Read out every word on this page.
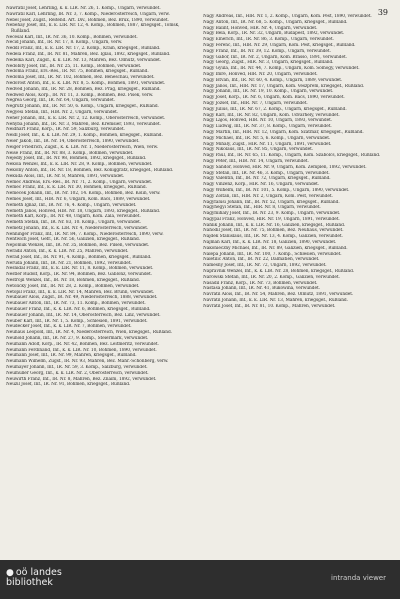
39

Nawratil Josef, Lehrling, k. k. LIR. Nr. 26, 1. Komp., Ungarn, verwundet.

Nawratil Karl, Lehrling, IR. Nr. 3, 7. Komp., Niederösterreich, Ungarn, verw.

Nebel Josef, Zugsf., Reitend. Art. Div., Böhmen, Bez. Brüx, 1890, verwundet.

Nebehay Josef, Inf., k. k. LIR. Nr. 12, 4. Komp., Böhmen, 1887, kriegsgef., Tomsk, Rußland.

Necesal Karl, Inf., IR. Nr. 36, 10. Komp., Böhmen, verwundet.

Necid Johann, Inf., IR. Nr. 17, 8. Komp., Ungarn, verw.

Neddl Franz, Inf., k. k. LIR. Nr. 17, 2. Komp., Krain, kriegsgef., Rußland.

Nedela Franz, Inf., IR. Nr. 81, Mähren, Bez. Iglau, 1892, kriegsgef., Rußland.

Nedelka Karl, Zugsf., k. k. LIR. Nr. 13, Mähren, Bez. Olmütz, verwundet.

Nedobitý Josef, Inf., IR. Nr. 25, 11. Komp., Böhmen, verwundet.

Nedoma Franz, Ers.-Res., IR. Nr. 75, Böhmen, kriegsgef., Rußland.

Nedoma Josef, Inf., IR. Nr. 102, Böhmen, Bez. Beneschau, verwundet.

Nedorost Anton, Inf., k. k. LIR. Nr. 8, 5. Komp., Böhmen, 1891, verwundet.

Nedvěd Johann, Inf., IR. Nr. 28, Böhmen, Bez. Prag, kriegsgef., Rußland.

Nedwed Alois, Korp., IR. Nr. 11, 3. Komp., Böhmen, Bez. Pisek, verw.

Negrea Georg, Inf., IR. Nr. 64, Ungarn, verwundet.

Negrutz Johann, Inf., IR. Nr. 50, 6. Komp., Ungarn, kriegsgef., Rußland.

Negyesi Stefan, Inf., HIR. Nr. 2, Ungarn, verwundet.

Neher Johann, Inf., k. k. LIR. Nr. 2, 12. Komp., Oberösterreich, verwundet.

Nehyba Johann, Inf., IR. Nr. 3, Mähren, Bez. Kremsier, 1893, verwundet.

Neidhart Franz, Korp., IR. Nr. 59, Salzburg, verwundet.

Neidl Josef, Inf., k. k. LIR. Nr. 29, 1. Komp., Böhmen, kriegsgef., Rußland.

Neier Jakob, Inf., IR. Nr. 14, Oberösterreich, 1890, verwundet.

Neiger Friedrich, Zugsf., k. k. LIR. Nr. 1, Niederösterreich, Wien, verw.

Neise Franz, Inf., IR. Nr. 88, 3. Komp., Böhmen, verwundet.

Nejedlý Josef, Inf., IR. Nr. 98, Böhmen, 1892, kriegsgef., Rußland.

Nekola Wenzel, Inf., k. k. LIR. Nr. 28, 9. Komp., Böhmen, verwundet.

Nekolný Anton, Inf., IR. Nr. 18, Böhmen, Bez. Königgrätz, kriegsgef., Rußland.

Nekuda Alois, Inf., IR. Nr. 8, Mähren, 1891, verwundet.

Nemec Andreas, Ers.-Res., IR. Nr. 71, 2. Komp., Ungarn, verwundet.

Nemec Franz, Inf., k. k. LIR. Nr. 30, Böhmen, kriegsgef., Rußland.

Nemecek Johann, Inf., IR. Nr. 102, 14. Komp., Böhmen, Bez. Kolin, verw.

Nemes Josef, Inf., HIR. Nr. 6, Ungarn, Kom. Bács, 1889, verwundet.

Nemeth Ignaz, Inf., IR. Nr. 76, 4. Komp., Ungarn, verwundet.

Nemeth János, Honvéd, HIR. Nr. 18, Ungarn, 1893, kriegsgef., Rußland.

Nemeth Karl, Korp., IR. Nr. 48, Ungarn, Kom. Zala, verwundet.

Nemeth Stefan, Inf., IR. Nr. 83, 10. Komp., Ungarn, verwundet.

Nemetz Johann, Inf., k. k. LIR. Nr. 4, Niederösterreich, verwundet.

Nenninger Franz, Inf., IR. Nr. 84, 7. Komp., Niederösterreich, 1890, verw.

Nentwich Josef, Gefr., IR. Nr. 56, Galizien, kriegsgef., Rußland.

Nepomuk Wenzel, Inf., IR. Nr. 35, Böhmen, Bez. Pilsen, verwundet.

Neradil Anton, Inf., k. k. LIR. Nr. 25, Mähren, verwundet.

Nerad Josef, Inf., IR. Nr. 91, 4. Komp., Böhmen, kriegsgef., Rußland.

Neruda Johann, Inf., IR. Nr. 21, Böhmen, 1892, verwundet.

Nesnídal Franz, Inf., k. k. LIR. Nr. 11, 8. Komp., Böhmen, verwundet.

Nestler Rudolf, Korp., IR. Nr. 94, Böhmen, Bez. Gablonz, verwundet.

Nestrojil Wenzel, Inf., IR. Nr. 18, Böhmen, kriegsgef., Rußland.

Netolický Josef, Inf., IR. Nr. 28, 2. Komp., Böhmen, verwundet.

Netopil Franz, Inf., k. k. LIR. Nr. 14, Mähren, Bez. Brünn, verwundet.

Neubauer Alois, Zugsf., IR. Nr. 49, Niederösterreich, 1888, verwundet.

Neubauer Anton, Inf., IR. Nr. 73, 11. Komp., Böhmen, verwundet.

Neubauer Franz, Inf., k. k. LIR. Nr. 6, Böhmen, kriegsgef., Rußland.

Neubauer Johann, Inf., IR. Nr. 14, Oberösterreich, Bez. Linz, verwundet.

Neuber Karl, Inf., IR. Nr. 1, 5. Komp., Schlesien, 1891, verwundet.

Neudecker Josef, Inf., k. k. LIR. Nr. 7, Böhmen, verwundet.

Neuhaus Leopold, Inf., IR. Nr. 4, Niederösterreich, Wien, kriegsgef., Rußland.

Neuhold Johann, Inf., IR. Nr. 27, 9. Komp., Steiermark, verwundet.

Neumann Adolf, Korp., IR. Nr. 42, Böhmen, Bez. Leitmeritz, verwundet.

Neumann Ferdinand, Inf., k. k. LIR. Nr. 10, Böhmen, 1890, verwundet.

Neumann Josef, Inf., IR. Nr. 99, Mähren, kriegsgef., Rußland.

Neumann Wilhelm, Zugsf., IR. Nr. 93, Mähren, Bez. Mähr.-Schönberg, verw.

Neumayer Johann, Inf., IR. Nr. 59, 3. Komp., Salzburg, verwundet.

Neumüller Georg, Inf., k. k. LIR. Nr. 2, Oberösterreich, verwundet.

Neuwirth Franz, Inf., IR. Nr. 8, Mähren, Bez. Znaim, 1892, verwundet.

Neužil Josef, Inf., IR. Nr. 91, Böhmen, kriegsgef., Rußland.

Nagy Andreas, Inf., HIR. Nr. 1, 2. Komp., Ungarn, Kom. Pest, 1890, verwundet.

Nagy Anton, Inf., IR. Nr. 68, 5. Komp., Ungarn, kriegsgef., Rußland.

Nagy Balint, Honvéd, HIR. Nr. 4, Ungarn, verwundet.

Nagy Bela, Korp., IR. Nr. 32, Ungarn, Budapest, 1892, verwundet.

Nagy Emerich, Inf., IR. Nr. 86, 3. Komp., Ungarn, verwundet.

Nagy Ferenc, Inf., HIR. Nr. 29, Ungarn, Kom. Pest, kriegsgef., Rußland.

Nagy Franz, Inf., IR. Nr. 39, 12. Komp., Ungarn, verwundet.

Nagy Gabor, Inf., IR. Nr. 2, Ungarn, Kom. Brassó, 1891, verwundet.

Nagy Georg, Zugsf., HIR. Nr. 3, Ungarn, kriegsgef., Rußland.

Nagy Gyula, Inf., IR. Nr. 44, 7. Komp., Ungarn, Kom. Somogy, verwundet.

Nagy Imre, Honvéd, HIR. Nr. 20, Ungarn, verwundet.

Nagy István, Inf., IR. Nr. 60, 4. Komp., Ungarn, 1889, verwundet.

Nagy János, Inf., HIR. Nr. 17, Ungarn, Kom. Veszprém, kriegsgef., Rußland.

Nagy Johann, Inf., IR. Nr. 19, 10. Komp., Ungarn, verwundet.

Nagy Josef, Korp., IR. Nr. 6, Ungarn, Kom. Bács, 1890, verwundet.

Nagy József, Inf., HIR. Nr. 7, Ungarn, verwundet.

Nagy Julius, Inf., IR. Nr. 67, 2. Komp., Ungarn, kriegsgef., Rußland.

Nagy Karl, Inf., IR. Nr. 82, Ungarn, Kom. Udvarhely, verwundet.

Nagy Lajos, Honvéd, HIR. Nr. 10, Ungarn, 1893, verwundet.

Nagy Ludwig, Inf., IR. Nr. 37, 8. Komp., Ungarn, verwundet.

Nagy Martin, Inf., HIR. Nr. 12, Ungarn, Kom. Szatmár, kriegsgef., Rußland.

Nagy Michael, Inf., IR. Nr. 5, 6. Komp., Ungarn, verwundet.

Nagy Mihály, Zugsf., HIR. Nr. 11, Ungarn, 1891, verwundet.

Nagy Nikolaus, Inf., IR. Nr. 85, Ungarn, verwundet.

Nagy Paul, Inf., IR. Nr. 65, 11. Komp., Ungarn, Kom. Szabolcs, kriegsgef., Rußland.

Nagy Peter, Inf., HIR. Nr. 14, Ungarn, verwundet.

Nagy Sándor, Honvéd, HIR. Nr. 9, Ungarn, Kom. Zemplén, 1892, verwundet.

Nagy Stefan, Inf., IR. Nr. 46, 3. Komp., Ungarn, verwundet.

Nagy Valentin, Inf., IR. Nr. 72, Ungarn, kriegsgef., Rußland.

Nagy Vinzenz, Korp., HIR. Nr. 16, Ungarn, verwundet.

Nagy Wilhelm, Inf., IR. Nr. 101, 5. Komp., Ungarn, 1890, verwundet.

Nagy Zoltán, Inf., HIR. Nr. 2, Ungarn, Kom. Pest, verwundet.

Nagyfalusi Johann, Inf., IR. Nr. 52, Ungarn, kriegsgef., Rußland.

Nagyhegyi Stefan, Inf., HIR. Nr. 8, Ungarn, verwundet.

Nagymihály Josef, Inf., IR. Nr. 23, 9. Komp., Ungarn, verwundet.

Nagypál Franz, Honvéd, HIR. Nr. 19, Ungarn, 1891, verwundet.

Nahlik Johann, Inf., k. k. LIR. Nr. 16, Galizien, kriegsgef., Rußland.

Nahodil Josef, Inf., IR. Nr. 75, Böhmen, Bez. Neuhaus, verwundet.

Najdek Stanislaus, Inf., IR. Nr. 13, 4. Komp., Galizien, verwundet.

Najman Karl, Inf., k. k. LIR. Nr. 18, Galizien, 1890, verwundet.

Nakonieczny Michael, Inf., IR. Nr. 89, Galizien, kriegsgef., Rußland.

Nalepa Johann, Inf., IR. Nr. 100, 7. Komp., Schlesien, verwundet.

Naletilić Anton, Inf., IR. Nr. 22, Dalmatien, verwundet.

Namesny Josef, Inf., IR. Nr. 72, Ungarn, 1892, verwundet.

Napravnik Wenzel, Inf., k. k. LIR. Nr. 28, Böhmen, kriegsgef., Rußland.

Narowski Stefan, Inf., IR. Nr. 20, 2. Komp., Galizien, verwundet.

Nasadil Franz, Korp., IR. Nr. 73, Böhmen, verwundet.

Nastasă Johann, Inf., IR. Nr. 41, Bukowina, verwundet.

Navrátil Alois, Inf., IR. Nr. 54, Mähren, Bez. Olmütz, 1891, verwundet.

Navrátil Johann, Inf., k. k. LIR. Nr. 13, Mähren, kriegsgef., Rußland.

Navrátil Josef, Inf., IR. Nr. 81, 10. Komp., Mähren, verwundet.

● oö landes
bibliothek	intranda viewer
